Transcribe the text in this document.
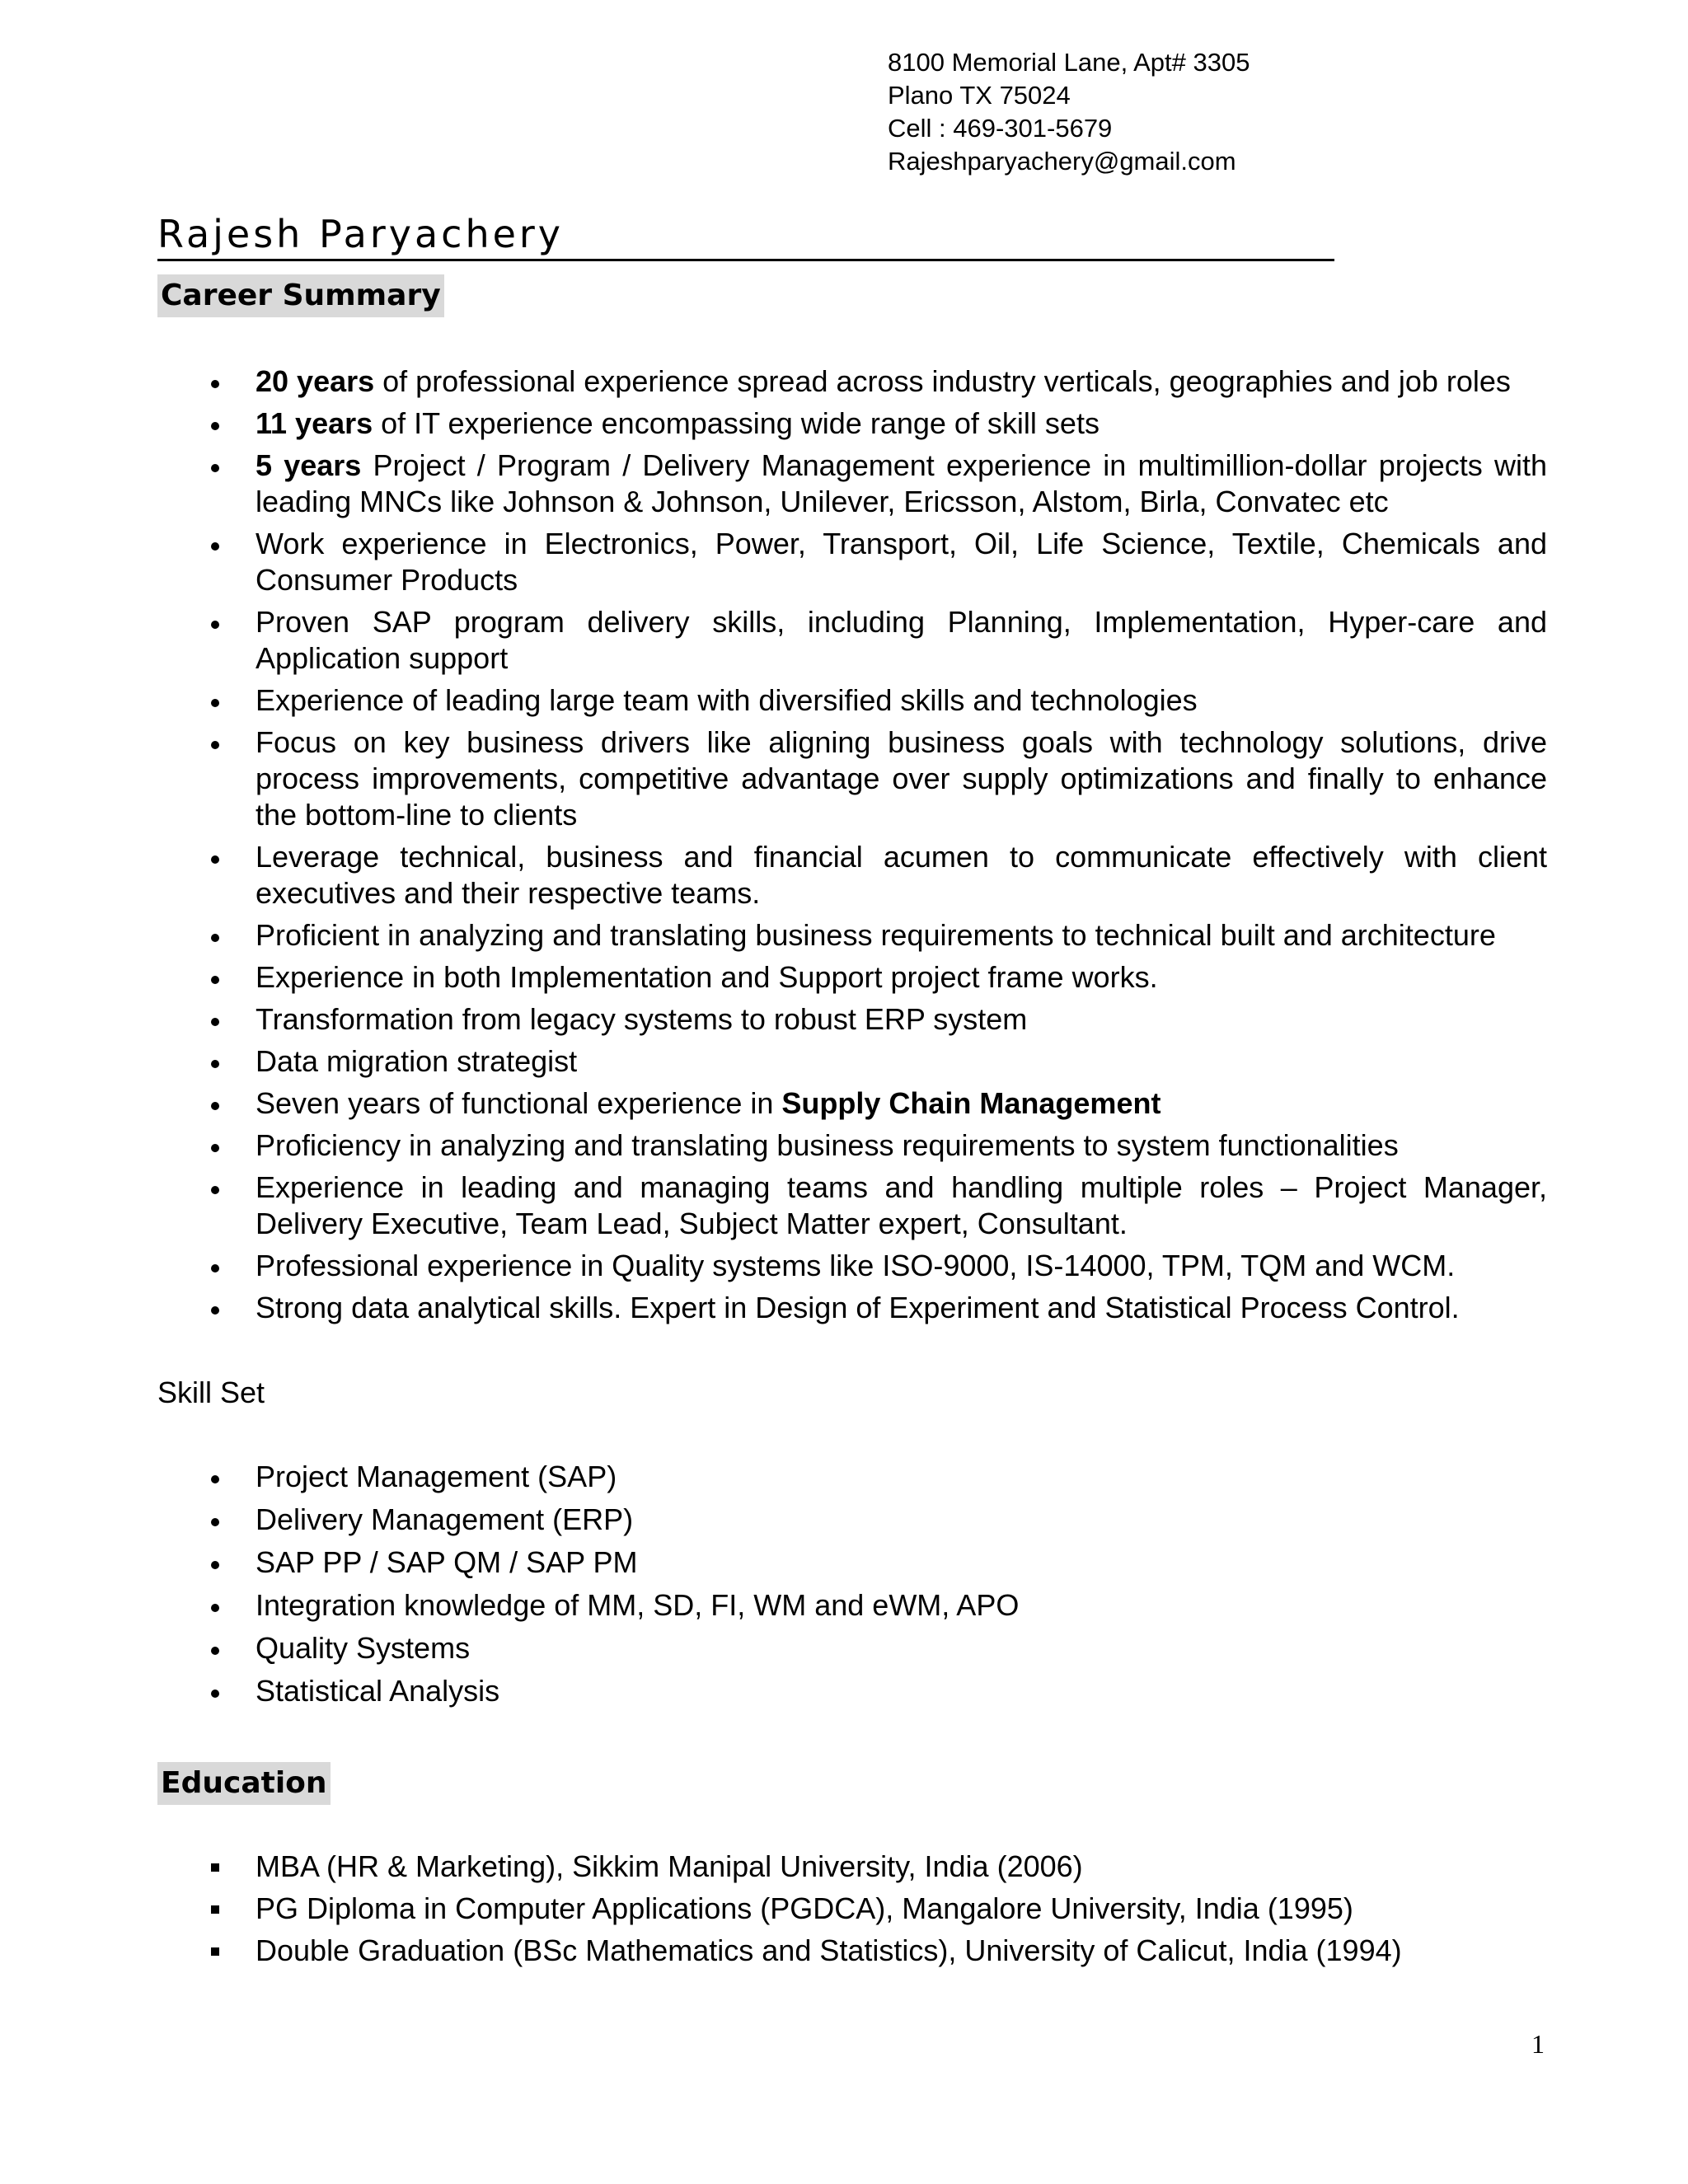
8100 Memorial Lane, Apt# 3305
Plano TX 75024
Cell : 469-301-5679
Rajeshparyachery@gmail.com
Rajesh Paryachery
Career Summary
20 years of professional experience spread across industry verticals, geographies and job roles
11 years of IT experience encompassing wide range of skill sets
5 years Project / Program / Delivery Management experience in multimillion-dollar projects with leading MNCs like Johnson & Johnson, Unilever, Ericsson, Alstom, Birla, Convatec etc
Work experience in Electronics, Power, Transport, Oil, Life Science, Textile, Chemicals and Consumer Products
Proven SAP program delivery skills, including Planning, Implementation, Hyper-care and Application support
Experience of leading large team with diversified skills and technologies
Focus on key business drivers like aligning business goals with technology solutions, drive process improvements, competitive advantage over supply optimizations and finally to enhance the bottom-line to clients
Leverage technical, business and financial acumen to communicate effectively with client executives and their respective teams.
Proficient in analyzing and translating business requirements to technical built and architecture
Experience in both Implementation and Support project frame works.
Transformation from legacy systems to robust ERP system
Data migration strategist
Seven years of functional experience in Supply Chain Management
Proficiency in analyzing and translating business requirements to system functionalities
Experience in leading and managing teams and handling multiple roles – Project Manager, Delivery Executive, Team Lead, Subject Matter expert, Consultant.
Professional experience in Quality systems like ISO-9000, IS-14000, TPM, TQM and WCM.
Strong data analytical skills. Expert in Design of Experiment and Statistical Process Control.
Skill Set
Project Management (SAP)
Delivery Management (ERP)
SAP PP / SAP QM / SAP PM
Integration knowledge of MM, SD, FI, WM and eWM, APO
Quality Systems
Statistical Analysis
Education
MBA (HR & Marketing), Sikkim Manipal University, India (2006)
PG Diploma in Computer Applications (PGDCA), Mangalore University, India (1995)
Double Graduation (BSc Mathematics and Statistics), University of Calicut, India (1994)
1
